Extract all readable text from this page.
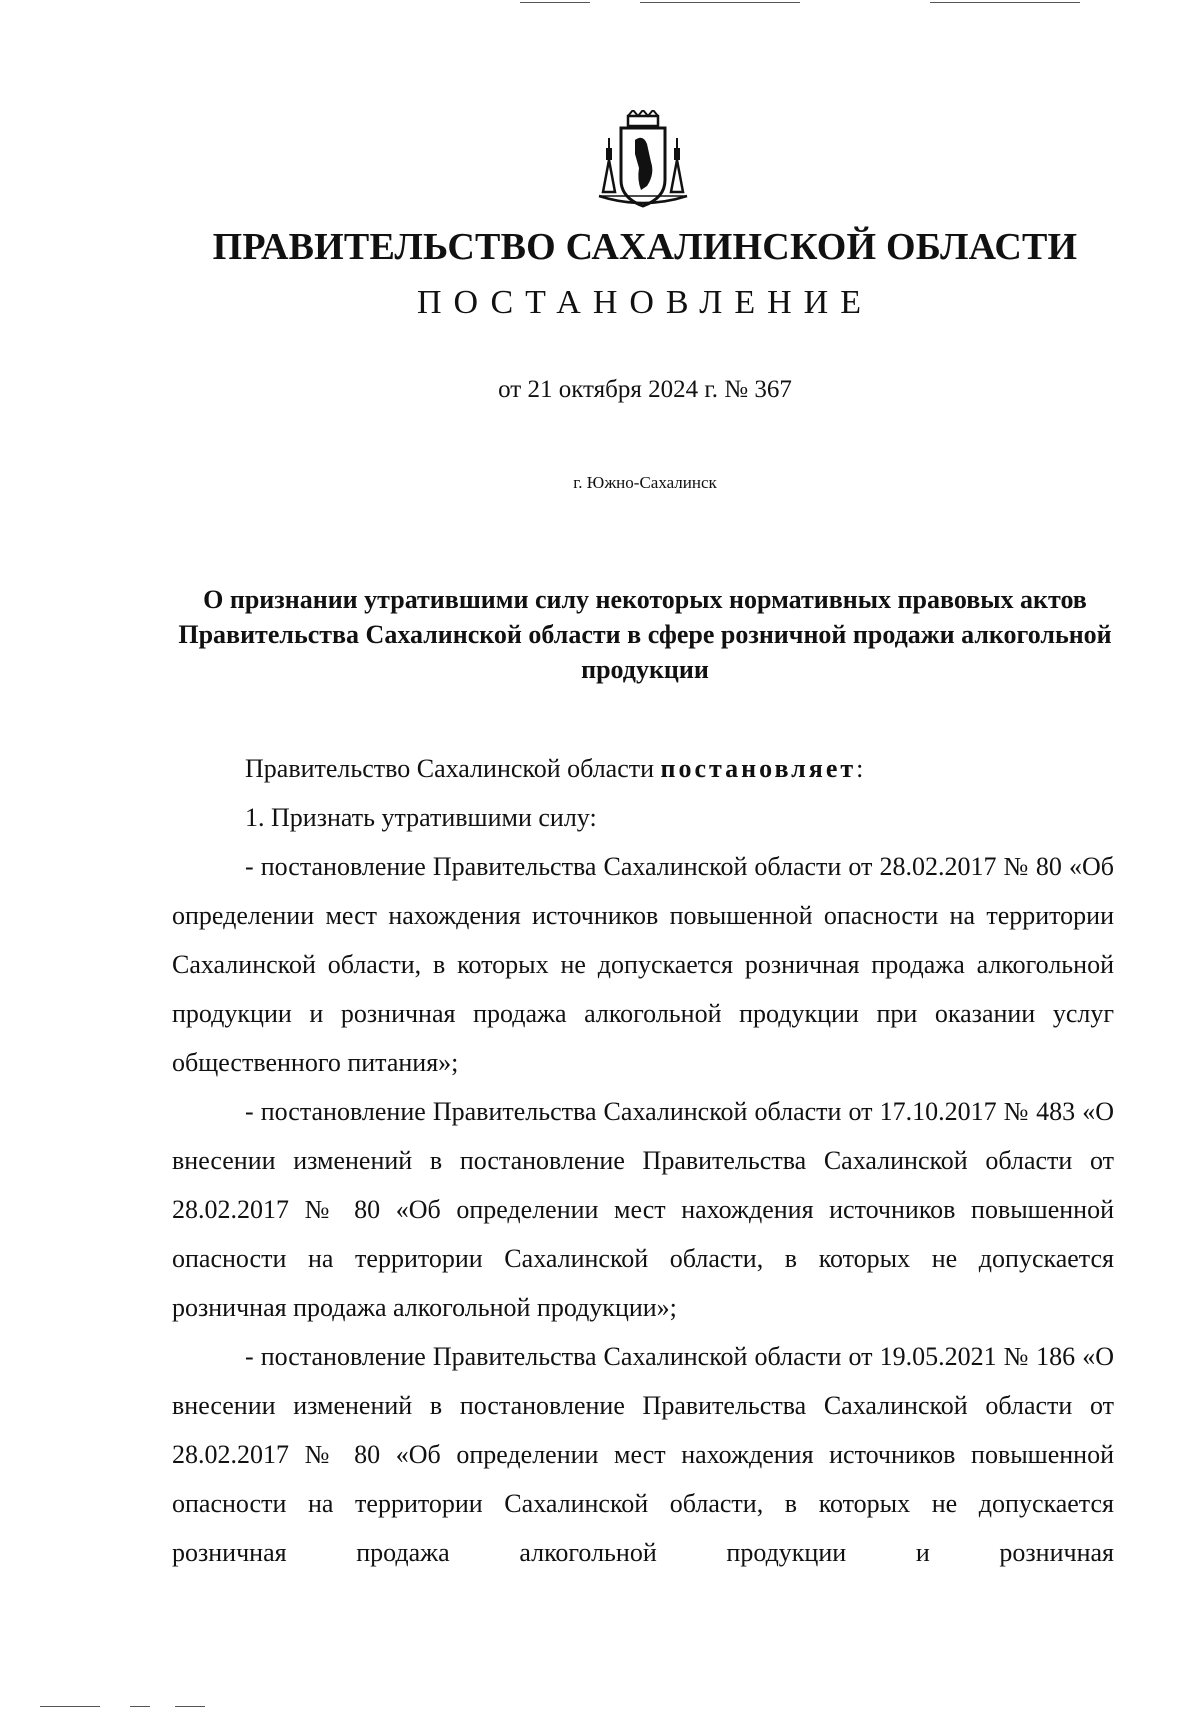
ПРАВИТЕЛЬСТВО САХАЛИНСКОЙ ОБЛАСТИ
ПОСТАНОВЛЕНИЕ
от 21 октября 2024 г. № 367
г. Южно-Сахалинск
О признании утратившими силу некоторых нормативных правовых актов Правительства Сахалинской области в сфере розничной продажи алкогольной продукции

Правительство Сахалинской области постановляет:

1. Признать утратившими силу:

- постановление Правительства Сахалинской области от 28.02.2017 № 80 «Об определении мест нахождения источников повышенной опасности на территории Сахалинской области, в которых не допускается розничная продажа алкогольной продукции и розничная продажа алкогольной продукции при оказании услуг общественного питания»;

- постановление Правительства Сахалинской области от 17.10.2017 № 483 «О внесении изменений в постановление Правительства Сахалинской области от 28.02.2017 № 80 «Об определении мест нахождения источников повышенной опасности на территории Сахалинской области, в которых не допускается розничная продажа алкогольной продукции»;

- постановление Правительства Сахалинской области от 19.05.2021 № 186 «О внесении изменений в постановление Правительства Сахалинской области от 28.02.2017 № 80 «Об определении мест нахождения источников повышенной опасности на территории Сахалинской области, в которых не допускается розничная продажа алкогольной продукции и розничная
